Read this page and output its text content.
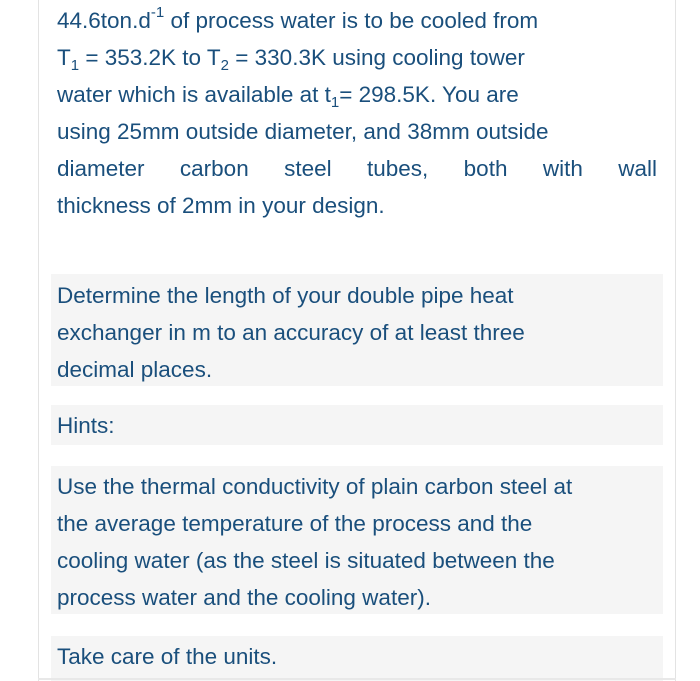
$44.6ton.d^{-1}$ of process water is to be cooled from
$T_1 = 353.2K$ to $T_2 = 330.3K$ using cooling tower
water which is available at $t_1= 298.5K$. You are
using 25mm outside diameter, and 38mm outside
diameter carbon steel tubes, both with wall
thickness of 2mm in your design.
Determine the length of your double pipe heat
exchanger in m to an accuracy of at least three
decimal places.
Hints:
Use the thermal conductivity of plain carbon steel at
the average temperature of the process and the
cooling water (as the steel is situated between the
process water and the cooling water).
Take care of the units.
